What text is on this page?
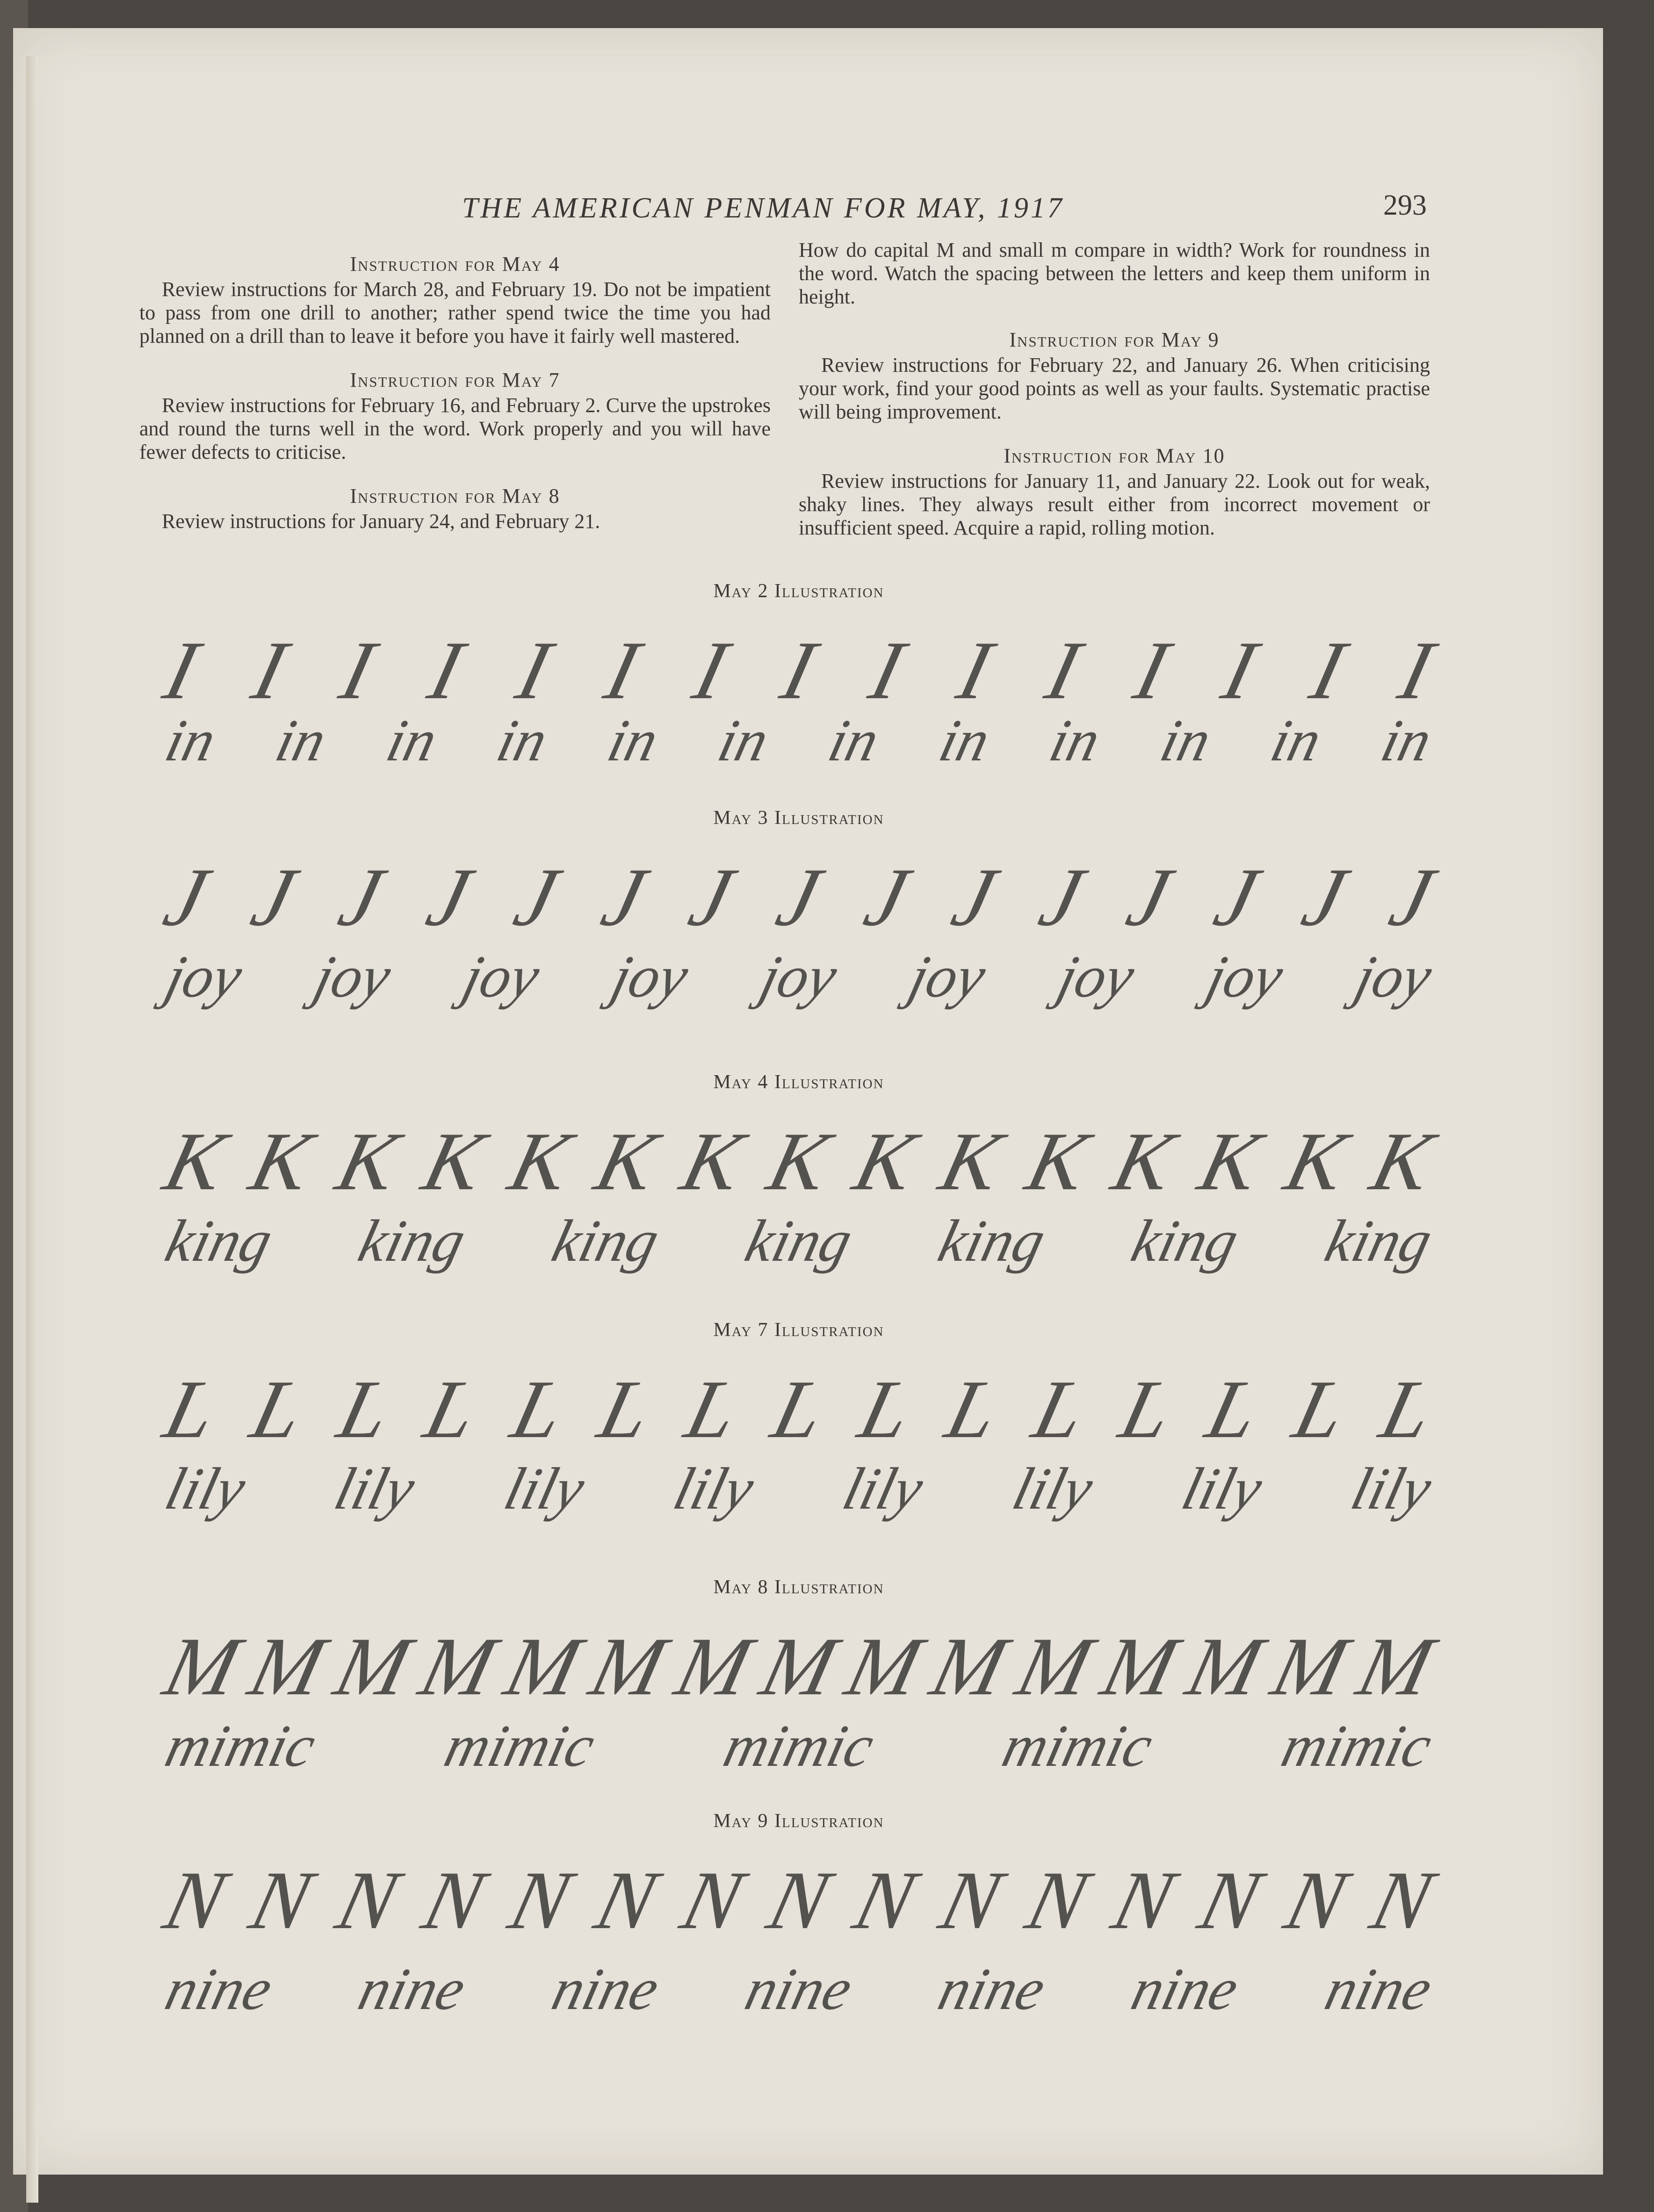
THE AMERICAN PENMAN FOR MAY, 1917	293
Instruction for May 4
Review instructions for March 28, and February 19. Do not be impatient to pass from one drill to another; rather spend twice the time you had planned on a drill than to leave it before you have it fairly well mastered.
Instruction for May 7
Review instructions for February 16, and February 2. Curve the upstrokes and round the turns well in the word. Work properly and you will have fewer defects to criticise.
Instruction for May 8
Review instructions for January 24, and February 21.
How do capital M and small m compare in width? Work for roundness in the word. Watch the spacing between the letters and keep them uniform in height.
Instruction for May 9
Review instructions for February 22, and January 26. When criticising your work, find your good points as well as your faults. Systematic practise will being improvement.
Instruction for May 10
Review instructions for January 11, and January 22. Look out for weak, shaky lines. They always result either from incorrect movement or insufficient speed. Acquire a rapid, rolling motion.
May 2 Illustration
I I I I I I I I I I I I I I I
in in in in in in in in in in in in
May 3 Illustration
J J J J J J J J J J J J J J J
joy joy joy joy joy joy joy joy joy
May 4 Illustration
K K K K K K K K K K K K K K K
king king king king king king king
May 7 Illustration
L L L L L L L L L L L L L L L
lily lily lily lily lily lily lily lily
May 8 Illustration
M
M
M
M
M
M
M
M
M
M
M
M
M
M
M
mimic mimic mimic mimic mimic
May 9 Illustration
N N N N N N N N N N N N N N N
nine nine nine nine nine nine nine
